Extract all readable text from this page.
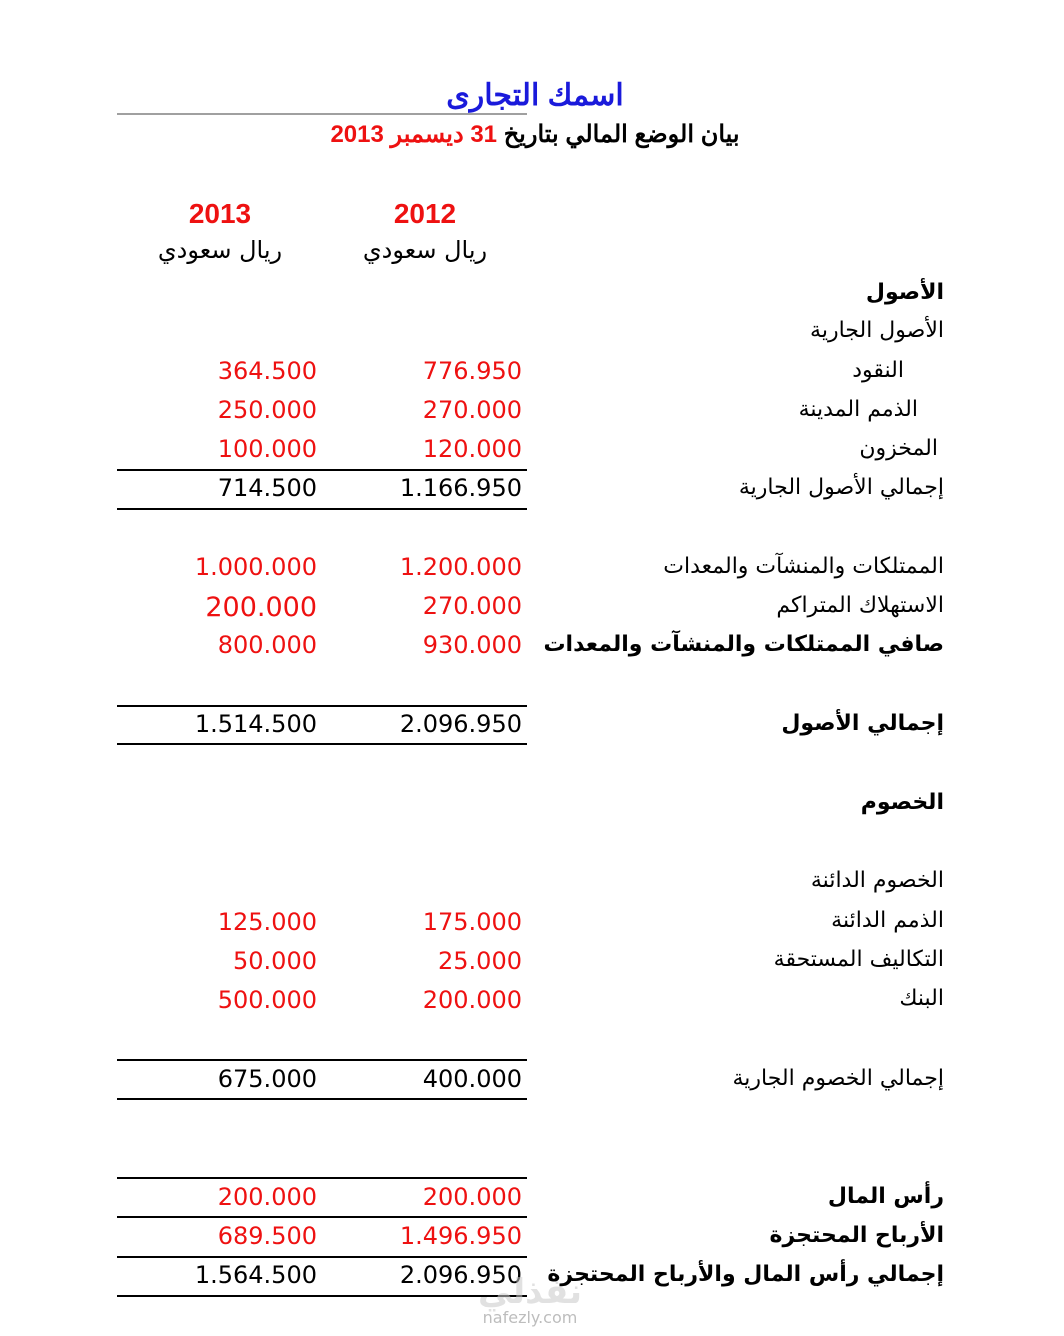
اسمك التجارى
بيان الوضع المالي بتاريخ 31 ديسمبر 2013
2012
2013
ريال سعودي
ريال سعودي
الأصول
الأصول الجارية
النقود
776.950
364.500
الذمم المدينة
270.000
250.000
المخزون
120.000
100.000
إجمالي الأصول الجارية
1.166.950
714.500
الممتلكات والمنشآت والمعدات
1.200.000
1.000.000
الاستهلاك المتراكم
270.000
200.000
صافي الممتلكات والمنشآت والمعدات
930.000
800.000
إجمالي الأصول
2.096.950
1.514.500
الخصوم
الخصوم الدائنة
الذمم الدائنة
175.000
125.000
التكاليف المستحقة
25.000
50.000
البنك
200.000
500.000
إجمالي الخصوم الجارية
400.000
675.000
رأس المال
200.000
200.000
الأرباح المحتجزة
1.496.950
689.500
إجمالي رأس المال والأرباح المحتجزة
2.096.950
1.564.500	نفذلي
nafezly.com
